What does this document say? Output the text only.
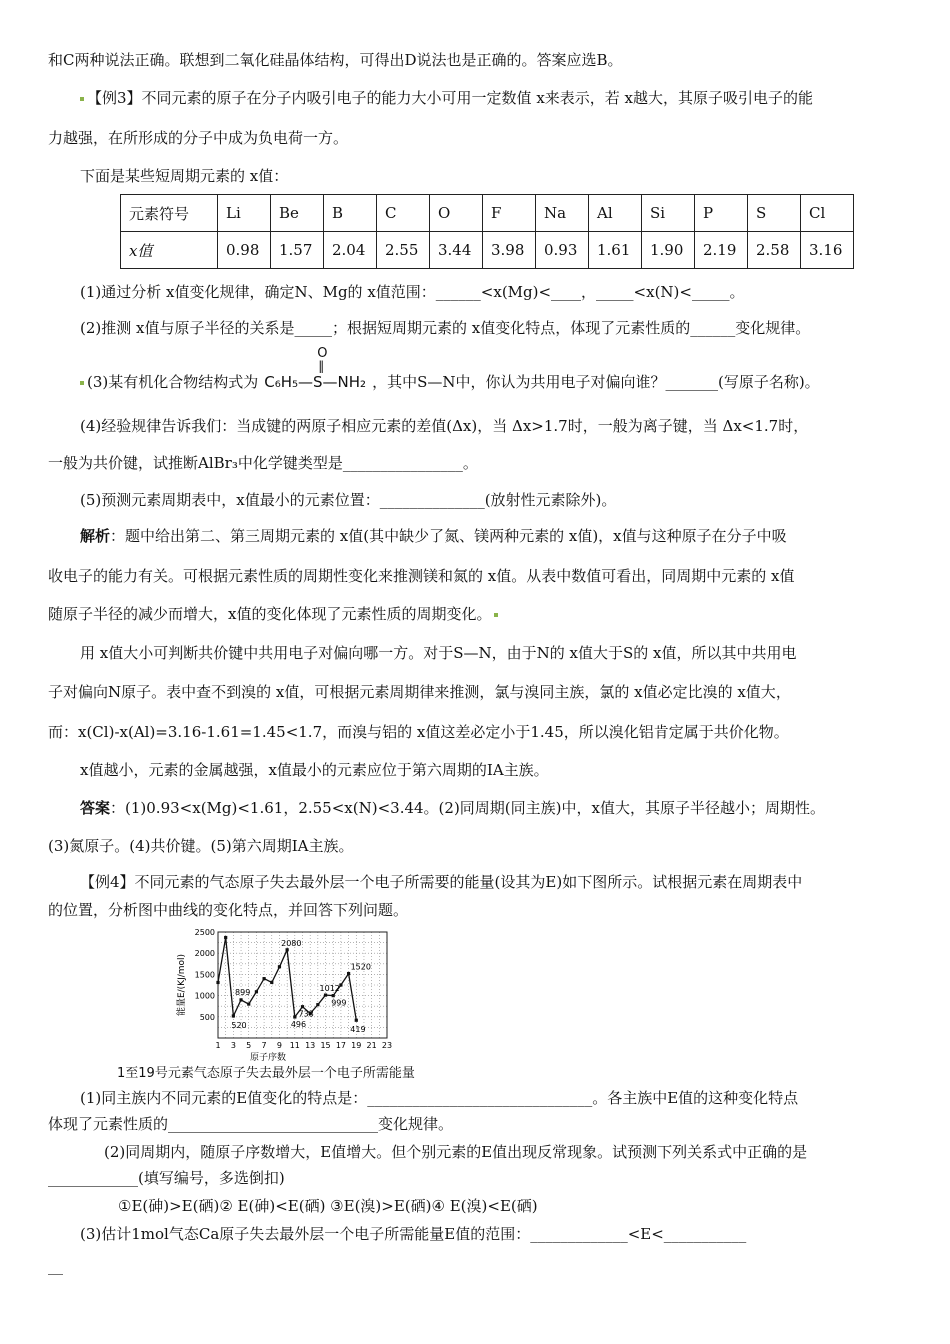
和C两种说法正确。联想到二氧化硅晶体结构，可得出D说法也是正确的。答案应选B。
【例3】不同元素的原子在分子内吸引电子的能力大小可用一定数值 x来表示，若 x越大，其原子吸引电子的能
力越强，在所形成的分子中成为负电荷一方。
下面是某些短周期元素的 x值：
元素符号	Li	Be	B	C	O	F	Na	Al	Si	P	S	Cl
x值	0.98	1.57	2.04	2.55	3.44	3.98	0.93	1.61	1.90	2.19	2.58	3.16
(1)通过分析 x值变化规律，确定N、Mg的 x值范围：______<x(Mg)<____，_____<x(N)<_____。
(2)推测 x值与原子半径的关系是_____；根据短周期元素的 x值变化特点，体现了元素性质的______变化规律。
(3)某有机化合物结构式为
O
‖
C₆H₅—S—NH₂ ，其中S—N中，你认为共用电子对偏向谁？_______(写原子名称)。
(4)经验规律告诉我们：当成键的两原子相应元素的差值(Δx)，当 Δx>1.7时，一般为离子键，当 Δx<1.7时，
一般为共价键，试推断AlBr₃中化学键类型是________________。
(5)预测元素周期表中，x值最小的元素位置：______________(放射性元素除外)。
解析：题中给出第二、第三周期元素的 x值(其中缺少了氮、镁两种元素的 x值)，x值与这种原子在分子中吸
收电子的能力有关。可根据元素性质的周期性变化来推测镁和氮的 x值。从表中数值可看出，同周期中元素的 x值
随原子半径的减少而增大，x值的变化体现了元素性质的周期变化。
用 x值大小可判断共价键中共用电子对偏向哪一方。对于S—N，由于N的 x值大于S的 x值，所以其中共用电
子对偏向N原子。表中查不到溴的 x值，可根据元素周期律来推测，氯与溴同主族，氯的 x值必定比溴的 x值大，
而：x(Cl)-x(Al)=3.16-1.61=1.45<1.7，而溴与铝的 x值这差必定小于1.45，所以溴化铝肯定属于共价化物。
x值越小，元素的金属越强，x值最小的元素应位于第六周期的IA主族。
答案：(1)0.93<x(Mg)<1.61，2.55<x(N)<3.44。(2)同周期(同主族)中，x值大，其原子半径越小；周期性。
(3)氮原子。(4)共价键。(5)第六周期IA主族。
【例4】不同元素的气态原子失去最外层一个电子所需要的能量(设其为E)如下图所示。试根据元素在周期表中
的位置，分析图中曲线的变化特点，并回答下列问题。
2500
2000
1500
1000
500
1 3 5 7 9 11 13 15 17 19 21 23
能量E/(KJ/mol)
原子序数
520
899
738
2080
496
1012
999
1520
419
1至19号元素气态原子失去最外层一个电子所需能量
(1)同主族内不同元素的E值变化的特点是：______________________________。各主族中E值的这种变化特点
体现了元素性质的____________________________变化规律。
(2)同周期内，随原子序数增大，E值增大。但个别元素的E值出现反常现象。试预测下列关系式中正确的是
____________(填写编号，多选倒扣)
①E(砷)>E(硒)② E(砷)<E(硒) ③E(溴)>E(硒)④ E(溴)<E(硒)
(3)估计1mol气态Ca原子失去最外层一个电子所需能量E值的范围：_____________<E<___________
__
